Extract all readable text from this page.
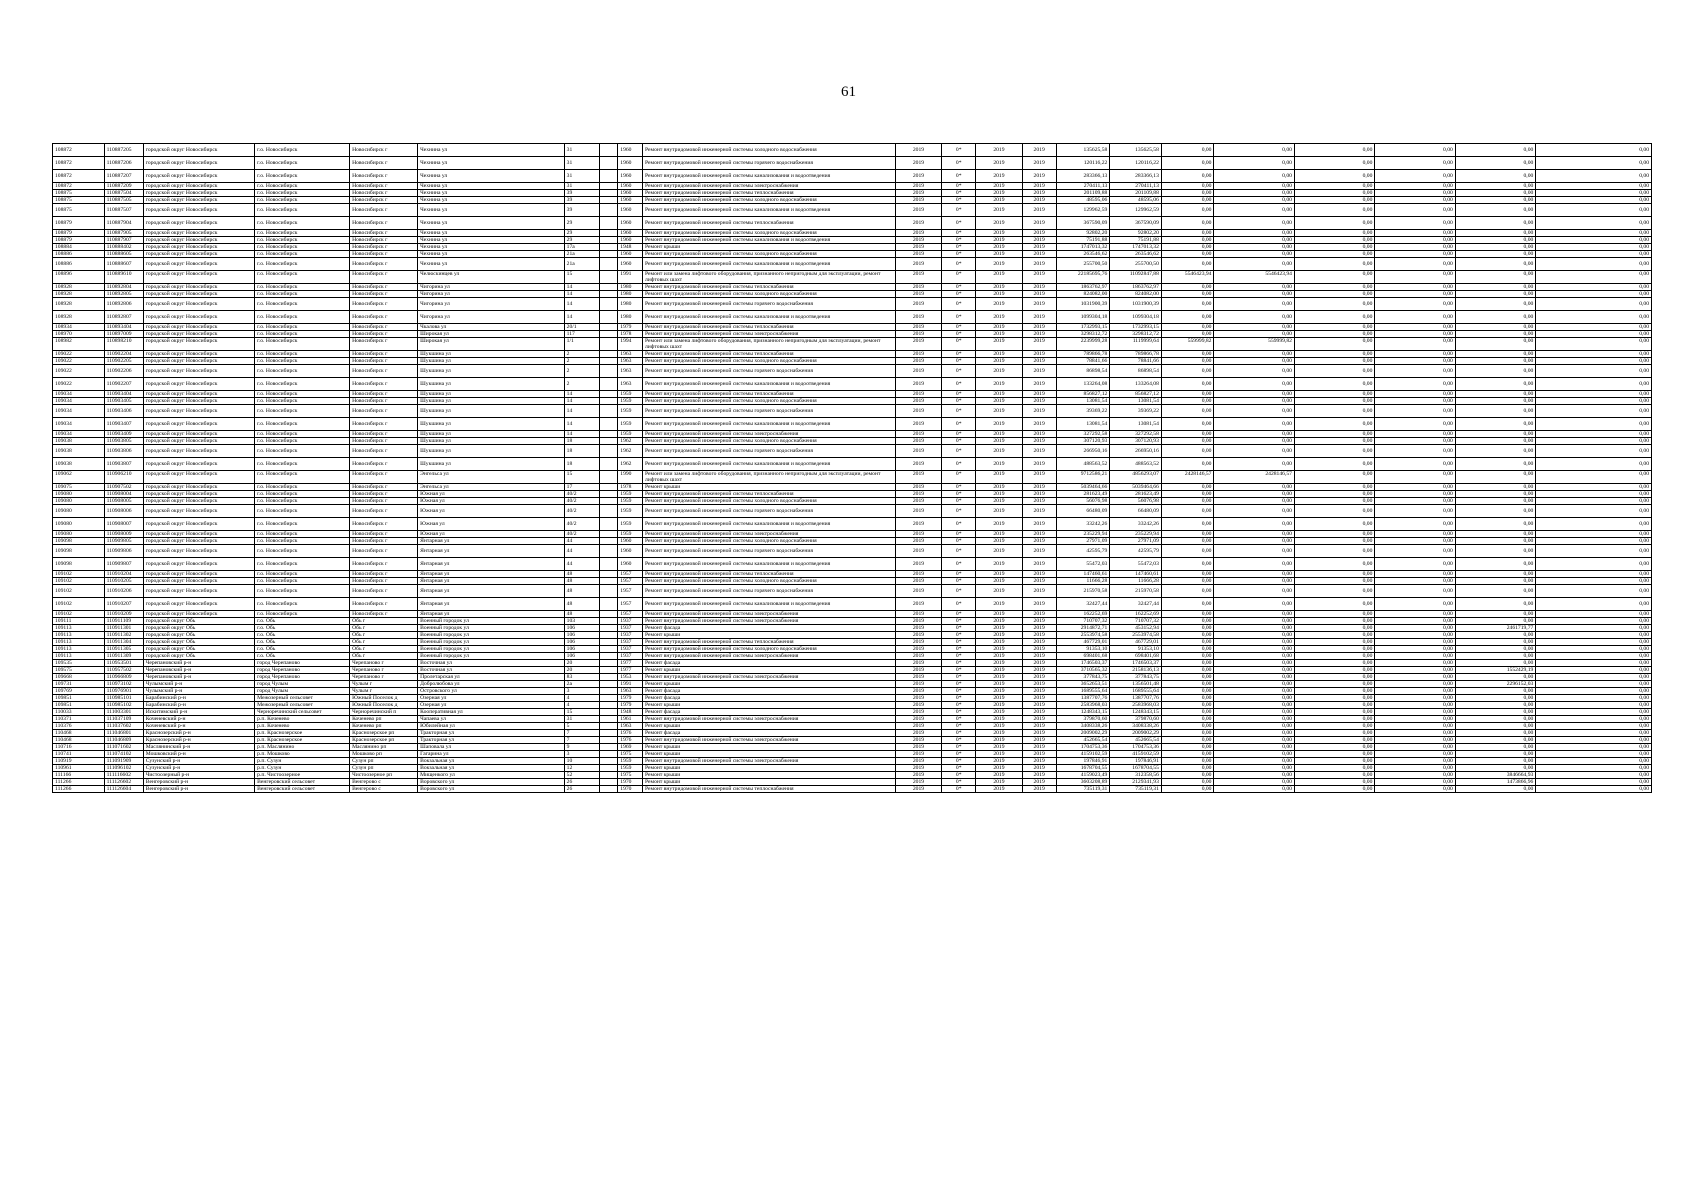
61
108872	110887205	городской округ Новосибирск	г.о. Новосибирск	Новосибирск г	Чехнина ул	31		1960	Ремонт внутридомовой инженерной системы холодного водоснабжения	2019	0*	2019	2019	135625,58	135625,58	0,00	0,00	0,00	0,00	0,00	0,00
108872	110887206	городской округ Новосибирск	г.о. Новосибирск	Новосибирск г	Чехнина ул	31		1960	Ремонт внутридомовой инженерной системы горячего водоснабжения	2019	0*	2019	2019	120116,22	120116,22	0,00	0,00	0,00	0,00	0,00	0,00
108872	110887207	городской округ Новосибирск	г.о. Новосибирск	Новосибирск г	Чехнина ул	31		1960	Ремонт внутридомовой инженерной системы канализования и водоотведения	2019	0*	2019	2019	283366,13	283366,13	0,00	0,00	0,00	0,00	0,00	0,00
108872	110887209	городской округ Новосибирск	г.о. Новосибирск	Новосибирск г	Чехнина ул	31		1960	Ремонт внутридомовой инженерной системы электроснабжения	2019	0*	2019	2019	270411,13	270411,13	0,00	0,00	0,00	0,00	0,00	0,00
108875	110887504	городской округ Новосибирск	г.о. Новосибирск	Новосибирск г	Чехнина ул	39		1960	Ремонт внутридомовой инженерной системы теплоснабжения	2019	0*	2019	2019	201109,88	201109,88	0,00	0,00	0,00	0,00	0,00	0,00
108875	110887505	городской округ Новосибирск	г.о. Новосибирск	Новосибирск г	Чехнина ул	39		1960	Ремонт внутридомовой инженерной системы холодного водоснабжения	2019	0*	2019	2019	48595,06	48595,06	0,00	0,00	0,00	0,00	0,00	0,00
108875	110887507	городской округ Новосибирск	г.о. Новосибирск	Новосибирск г	Чехнина ул	39		1960	Ремонт внутридомовой инженерной системы канализования и водоотведения	2019	0*	2019	2019	129962,59	129962,59	0,00	0,00	0,00	0,00	0,00	0,00
108879	110887904	городской округ Новосибирск	г.о. Новосибирск	Новосибирск г	Чехнина ул	29		1960	Ремонт внутридомовой инженерной системы теплоснабжения	2019	0*	2019	2019	367590,09	367590,09	0,00	0,00	0,00	0,00	0,00	0,00
108879	110887905	городской округ Новосибирск	г.о. Новосибирск	Новосибирск г	Чехнина ул	29		1960	Ремонт внутридомовой инженерной системы холодного водоснабжения	2019	0*	2019	2019	92802,20	92802,20	0,00	0,00	0,00	0,00	0,00	0,00
108879	110887907	городской округ Новосибирск	г.о. Новосибирск	Новосибирск г	Чехнина ул	29		1960	Ремонт внутридомовой инженерной системы канализования и водоотведения	2019	0*	2019	2019	75191,88	75191,88	0,00	0,00	0,00	0,00	0,00	0,00
108884	110888402	городской округ Новосибирск	г.о. Новосибирск	Новосибирск г	Чехнина ул	17а		1948	Ремонт крыши	2019	0*	2019	2019	1747013,32	1747013,32	0,00	0,00	0,00	0,00	0,00	0,00
108886	110888605	городской округ Новосибирск	г.о. Новосибирск	Новосибирск г	Чехнина ул	21а		1960	Ремонт внутридомовой инженерной системы холодного водоснабжения	2019	0*	2019	2019	263546,62	263546,62	0,00	0,00	0,00	0,00	0,00	0,00
108886	110888607	городской округ Новосибирск	г.о. Новосибирск	Новосибирск г	Чехнина ул	21а		1960	Ремонт внутридомовой инженерной системы канализования и водоотведения	2019	0*	2019	2019	255700,50	255700,50	0,00	0,00	0,00	0,00	0,00	0,00
108896	110889610	городской округ Новосибирск	г.о. Новосибирск	Новосибирск г	Челюскинцев ул	15		1991	Ремонт или замена лифтового оборудования, признанного непригодным для эксплуатации, ремонт лифтовых шахт	2019	0*	2019	2019	22185695,76	11092847,88	5546423,94	5546423,94	0,00	0,00	0,00	0,00
108928	110892804	городской округ Новосибирск	г.о. Новосибирск	Новосибирск г	Чигорина ул	14		1980	Ремонт внутридомовой инженерной системы теплоснабжения	2019	0*	2019	2019	1863762,97	1863762,97	0,00	0,00	0,00	0,00	0,00	0,00
108928	110892805	городской округ Новосибирск	г.о. Новосибирск	Новосибирск г	Чигорина ул	14		1980	Ремонт внутридомовой инженерной системы холодного водоснабжения	2019	0*	2019	2019	824082,00	824082,00	0,00	0,00	0,00	0,00	0,00	0,00
108928	110892806	городской округ Новосибирск	г.о. Новосибирск	Новосибирск г	Чигорина ул	14		1980	Ремонт внутридомовой инженерной системы горячего водоснабжения	2019	0*	2019	2019	1031900,39	1031900,39	0,00	0,00	0,00	0,00	0,00	0,00
108928	110892807	городской округ Новосибирск	г.о. Новосибирск	Новосибирск г	Чигорина ул	14		1980	Ремонт внутридомовой инженерной системы канализования и водоотведения	2019	0*	2019	2019	1099304,18	1099304,18	0,00	0,00	0,00	0,00	0,00	0,00
108934	110893404	городской округ Новосибирск	г.о. Новосибирск	Новосибирск г	Чкалова ул	20/1		1979	Ремонт внутридомовой инженерной системы теплоснабжения	2019	0*	2019	2019	1732993,15	1732993,15	0,00	0,00	0,00	0,00	0,00	0,00
108970	110897009	городской округ Новосибирск	г.о. Новосибирск	Новосибирск г	Широкая ул	117		1978	Ремонт внутридомовой инженерной системы электроснабжения	2019	0*	2019	2019	3298312,72	3298312,72	0,00	0,00	0,00	0,00	0,00	0,00
108982	110898210	городской округ Новосибирск	г.о. Новосибирск	Новосибирск г	Широкая ул	1/1		1994	Ремонт или замена лифтового оборудования, признанного непригодным для эксплуатации, ремонт лифтовых шахт	2019	0*	2019	2019	2239999,28	1119999,64	559999,82	559999,82	0,00	0,00	0,00	0,00
109022	110902204	городской округ Новосибирск	г.о. Новосибирск	Новосибирск г	Шукшина ул	2		1963	Ремонт внутридомовой инженерной системы теплоснабжения	2019	0*	2019	2019	789866,78	789866,78	0,00	0,00	0,00	0,00	0,00	0,00
109022	110902205	городской округ Новосибирск	г.о. Новосибирск	Новосибирск г	Шукшина ул	2		1963	Ремонт внутридомовой инженерной системы холодного водоснабжения	2019	0*	2019	2019	78841,66	78841,66	0,00	0,00	0,00	0,00	0,00	0,00
109022	110902206	городской округ Новосибирск	г.о. Новосибирск	Новосибирск г	Шукшина ул	2		1963	Ремонт внутридомовой инженерной системы горячего водоснабжения	2019	0*	2019	2019	86898,54	86898,54	0,00	0,00	0,00	0,00	0,00	0,00
109022	110902207	городской округ Новосибирск	г.о. Новосибирск	Новосибирск г	Шукшина ул	2		1963	Ремонт внутридомовой инженерной системы канализования и водоотведения	2019	0*	2019	2019	133264,08	133264,08	0,00	0,00	0,00	0,00	0,00	0,00
109034	110903404	городской округ Новосибирск	г.о. Новосибирск	Новосибирск г	Шукшина ул	14		1959	Ремонт внутридомовой инженерной системы теплоснабжения	2019	0*	2019	2019	856827,12	856827,12	0,00	0,00	0,00	0,00	0,00	0,00
109034	110903405	городской округ Новосибирск	г.о. Новосибирск	Новосибирск г	Шукшина ул	14		1959	Ремонт внутридомовой инженерной системы холодного водоснабжения	2019	0*	2019	2019	13081,54	13081,54	0,00	0,00	0,00	0,00	0,00	0,00
109034	110903406	городской округ Новосибирск	г.о. Новосибирск	Новосибирск г	Шукшина ул	14		1959	Ремонт внутридомовой инженерной системы горячего водоснабжения	2019	0*	2019	2019	39369,22	39369,22	0,00	0,00	0,00	0,00	0,00	0,00
109034	110903407	городской округ Новосибирск	г.о. Новосибирск	Новосибирск г	Шукшина ул	14		1959	Ремонт внутридомовой инженерной системы канализования и водоотведения	2019	0*	2019	2019	13081,54	13081,54	0,00	0,00	0,00	0,00	0,00	0,00
109034	110903409	городской округ Новосибирск	г.о. Новосибирск	Новосибирск г	Шукшина ул	14		1959	Ремонт внутридомовой инженерной системы электроснабжения	2019	0*	2019	2019	327292,58	327292,58	0,00	0,00	0,00	0,00	0,00	0,00
109038	110903805	городской округ Новосибирск	г.о. Новосибирск	Новосибирск г	Шукшина ул	18		1962	Ремонт внутридомовой инженерной системы холодного водоснабжения	2019	0*	2019	2019	307120,93	307120,93	0,00	0,00	0,00	0,00	0,00	0,00
109038	110903806	городской округ Новосибирск	г.о. Новосибирск	Новосибирск г	Шукшина ул	18		1962	Ремонт внутридомовой инженерной системы горячего водоснабжения	2019	0*	2019	2019	266950,16	266950,16	0,00	0,00	0,00	0,00	0,00	0,00
109038	110903807	городской округ Новосибирск	г.о. Новосибирск	Новосибирск г	Шукшина ул	18		1962	Ремонт внутридомовой инженерной системы канализования и водоотведения	2019	0*	2019	2019	488563,52	488563,52	0,00	0,00	0,00	0,00	0,00	0,00
109062	110906210	городской округ Новосибирск	г.о. Новосибирск	Новосибирск г	Энгельса ул	15		1990	Ремонт или замена лифтового оборудования, признанного непригодным для эксплуатации, ремонт лифтовых шахт	2019	0*	2019	2019	9712586,21	4856293,07	2428146,57	2428146,57	0,00	0,00	0,00	0,00
109075	110907502	городской округ Новосибирск	г.о. Новосибирск	Новосибирск г	Энгельса ул	17		1978	Ремонт крыши	2019	0*	2019	2019	5039464,66	5039464,66	0,00	0,00	0,00	0,00	0,00	0,00
109080	110908004	городской округ Новосибирск	г.о. Новосибирск	Новосибирск г	Южная ул	40/2		1959	Ремонт внутридомовой инженерной системы теплоснабжения	2019	0*	2019	2019	281623,49	281623,49	0,00	0,00	0,00	0,00	0,00	0,00
109080	110908005	городской округ Новосибирск	г.о. Новосибирск	Новосибирск г	Южная ул	40/2		1959	Ремонт внутридомовой инженерной системы холодного водоснабжения	2019	0*	2019	2019	56076,98	56076,98	0,00	0,00	0,00	0,00	0,00	0,00
109080	110908006	городской округ Новосибирск	г.о. Новосибирск	Новосибирск г	Южная ул	40/2		1959	Ремонт внутридомовой инженерной системы горячего водоснабжения	2019	0*	2019	2019	66480,09	66480,09	0,00	0,00	0,00	0,00	0,00	0,00
109080	110908007	городской округ Новосибирск	г.о. Новосибирск	Новосибирск г	Южная ул	40/2		1959	Ремонт внутридомовой инженерной системы канализования и водоотведения	2019	0*	2019	2019	33242,26	33242,26	0,00	0,00	0,00	0,00	0,00	0,00
109080	110908009	городской округ Новосибирск	г.о. Новосибирск	Новосибирск г	Южная ул	40/2		1959	Ремонт внутридомовой инженерной системы электроснабжения	2019	0*	2019	2019	235229,94	235229,94	0,00	0,00	0,00	0,00	0,00	0,00
109098	110909805	городской округ Новосибирск	г.о. Новосибирск	Новосибирск г	Янтарная ул	44		1960	Ремонт внутридомовой инженерной системы холодного водоснабжения	2019	0*	2019	2019	27971,09	27971,09	0,00	0,00	0,00	0,00	0,00	0,00
109098	110909806	городской округ Новосибирск	г.о. Новосибирск	Новосибирск г	Янтарная ул	44		1960	Ремонт внутридомовой инженерной системы горячего водоснабжения	2019	0*	2019	2019	42595,79	42595,79	0,00	0,00	0,00	0,00	0,00	0,00
109098	110909807	городской округ Новосибирск	г.о. Новосибирск	Новосибирск г	Янтарная ул	44		1960	Ремонт внутридомовой инженерной системы канализования и водоотведения	2019	0*	2019	2019	55472,03	55472,03	0,00	0,00	0,00	0,00	0,00	0,00
109102	110910204	городской округ Новосибирск	г.о. Новосибирск	Новосибирск г	Янтарная ул	48		1957	Ремонт внутридомовой инженерной системы теплоснабжения	2019	0*	2019	2019	147460,61	147460,61	0,00	0,00	0,00	0,00	0,00	0,00
109102	110910205	городской округ Новосибирск	г.о. Новосибирск	Новосибирск г	Янтарная ул	48		1957	Ремонт внутридомовой инженерной системы холодного водоснабжения	2019	0*	2019	2019	11666,28	11666,28	0,00	0,00	0,00	0,00	0,00	0,00
109102	110910206	городской округ Новосибирск	г.о. Новосибирск	Новосибирск г	Янтарная ул	48		1957	Ремонт внутридомовой инженерной системы горячего водоснабжения	2019	0*	2019	2019	215970,58	215970,58	0,00	0,00	0,00	0,00	0,00	0,00
109102	110910207	городской округ Новосибирск	г.о. Новосибирск	Новосибирск г	Янтарная ул	48		1957	Ремонт внутридомовой инженерной системы канализования и водоотведения	2019	0*	2019	2019	32427,44	32427,44	0,00	0,00	0,00	0,00	0,00	0,00
109102	110910209	городской округ Новосибирск	г.о. Новосибирск	Новосибирск г	Янтарная ул	48		1957	Ремонт внутридомовой инженерной системы электроснабжения	2019	0*	2019	2019	162252,69	162252,69	0,00	0,00	0,00	0,00	0,00	0,00
109111	110911109	городской округ Обь	г.о. Обь	Обь г	Военный городок ул	103		1937	Ремонт внутридомовой инженерной системы электроснабжения	2019	0*	2019	2019	710707,32	710707,32	0,00	0,00	0,00	0,00	0,00	0,00
109113	110911301	городской округ Обь	г.о. Обь	Обь г	Военный городок ул	106		1937	Ремонт фасада	2019	0*	2019	2019	2914872,71	453152,94	0,00	0,00	0,00	0,00	2461719,77	0,00
109113	110911302	городской округ Обь	г.о. Обь	Обь г	Военный городок ул	106		1937	Ремонт крыши	2019	0*	2019	2019	2553974,58	2553974,58	0,00	0,00	0,00	0,00	0,00	0,00
109113	110911304	городской округ Обь	г.о. Обь	Обь г	Военный городок ул	106		1937	Ремонт внутридомовой инженерной системы теплоснабжения	2019	0*	2019	2019	467729,01	467729,01	0,00	0,00	0,00	0,00	0,00	0,00
109113	110911305	городской округ Обь	г.о. Обь	Обь г	Военный городок ул	106		1937	Ремонт внутридомовой инженерной системы холодного водоснабжения	2019	0*	2019	2019	91353,10	91353,10	0,00	0,00	0,00	0,00	0,00	0,00
109113	110911309	городской округ Обь	г.о. Обь	Обь г	Военный городок ул	106		1937	Ремонт внутридомовой инженерной системы электроснабжения	2019	0*	2019	2019	698401,68	698401,68	0,00	0,00	0,00	0,00	0,00	0,00
109535	110953501	Черепановский р-н	город Черепаново	Черепаново г	Восточная ул	20		1977	Ремонт фасада	2019	0*	2019	2019	1746503,37	1746503,37	0,00	0,00	0,00	0,00	0,00	0,00
109575	110957502	Черепановский р-н	город Черепаново	Черепаново г	Восточная ул	20		1977	Ремонт крыши	2019	0*	2019	2019	3710565,32	2158136,13	0,00	0,00	0,00	0,00	1552429,19	0,00
109668	110966809	Черепановский р-н	город Черепаново	Черепаново г	Пролетарская ул	83		1953	Ремонт внутридомовой инженерной системы электроснабжения	2019	0*	2019	2019	377843,75	377843,75	0,00	0,00	0,00	0,00	0,00	0,00
109731	110973102	Чулымский р-н	город Чулым	Чулым г	Добролюбова ул	2а		1991	Ремонт крыши	2019	0*	2019	2019	3652653,51	1356501,48	0,00	0,00	0,00	0,00	2296152,03	0,00
109769	110976901	Чулымский р-н	город Чулым	Чулым г	Островского ул	3		1963	Ремонт фасада	2019	0*	2019	2019	1689555,64	1689555,64	0,00	0,00	0,00	0,00	0,00	0,00
109851	110985101	Барабинский р-н	Межозерный сельсовет	Южный Поселок д	Озерная ул	4		1979	Ремонт фасада	2019	0*	2019	2019	1387707,76	1387707,76	0,00	0,00	0,00	0,00	0,00	0,00
109851	110985102	Барабинский р-н	Межозерный сельсовет	Южный Поселок д	Озерная ул	4		1979	Ремонт крыши	2019	0*	2019	2019	2583968,03	2583968,03	0,00	0,00	0,00	0,00	0,00	0,00
110033	111003301	Искитимский р-н	Черноречинский сельсовет	Черноречинский п	Кооперативная ул	15		1948	Ремонт фасада	2019	0*	2019	2019	1248343,15	1248343,15	0,00	0,00	0,00	0,00	0,00	0,00
110371	111037109	Коченевский р-н	р.п. Коченево	Коченево рп	Чапаева ул	31		1961	Ремонт внутридомовой инженерной системы электроснабжения	2019	0*	2019	2019	379870,60	379870,60	0,00	0,00	0,00	0,00	0,00	0,00
110376	111037602	Коченевский р-н	р.п. Коченево	Коченево рп	Юбилейная ул	5		1963	Ремонт крыши	2019	0*	2019	2019	3408338,26	3408338,26	0,00	0,00	0,00	0,00	0,00	0,00
110468	111046801	Краснозерский р-н	р.п. Краснозерское	Краснозерское рп	Тракторная ул	7		1976	Ремонт фасада	2019	0*	2019	2019	2009002,29	2009002,29	0,00	0,00	0,00	0,00	0,00	0,00
110468	111046809	Краснозерский р-н	р.п. Краснозерское	Краснозерское рп	Тракторная ул	7		1976	Ремонт внутридомовой инженерной системы электроснабжения	2019	0*	2019	2019	452665,54	452665,54	0,00	0,00	0,00	0,00	0,00	0,00
110716	111071602	Маслянинский р-н	р.п. Маслянино	Маслянино рп	Шаповала ул	9		1969	Ремонт крыши	2019	0*	2019	2019	1704753,36	1704753,36	0,00	0,00	0,00	0,00	0,00	0,00
110741	111074102	Мошковский р-н	р.п. Мошково	Мошково рп	Гагарина ул	3		1975	Ремонт крыши	2019	0*	2019	2019	4159102,59	4159102,59	0,00	0,00	0,00	0,00	0,00	0,00
110919	111091909	Сузунский р-н	р.п. Сузун	Сузун рп	Вокзальная ул	10		1959	Ремонт внутридомовой инженерной системы электроснабжения	2019	0*	2019	2019	197846,91	197846,91	0,00	0,00	0,00	0,00	0,00	0,00
110961	111096102	Сузунский р-н	р.п. Сузун	Сузун рп	Вокзальная ул	12		1959	Ремонт крыши	2019	0*	2019	2019	1678704,55	1678704,55	0,00	0,00	0,00	0,00	0,00	0,00
111166	111116602	Чистоозерный р-н	р.п. Чистоозерное	Чистоозерное рп	Мищенкого ул	52		1975	Ремонт крыши	2019	0*	2019	2019	4159023,49	312358,56	0,00	0,00	0,00	0,00	3846664,93	0,00
111266	111126602	Венгеровский р-н	Венгеровский сельсовет	Венгерово с	Воровского ул	26		1970	Ремонт крыши	2019	0*	2019	2019	3603208,89	2129341,93	0,00	0,00	0,00	0,00	1473866,96	0,00
111266	111126604	Венгеровский р-н	Венгеровский сельсовет	Венгерово с	Воровского ул	26		1970	Ремонт внутридомовой инженерной системы теплоснабжения	2019	0*	2019	2019	735119,31	735119,31	0,00	0,00	0,00	0,00	0,00	0,00
